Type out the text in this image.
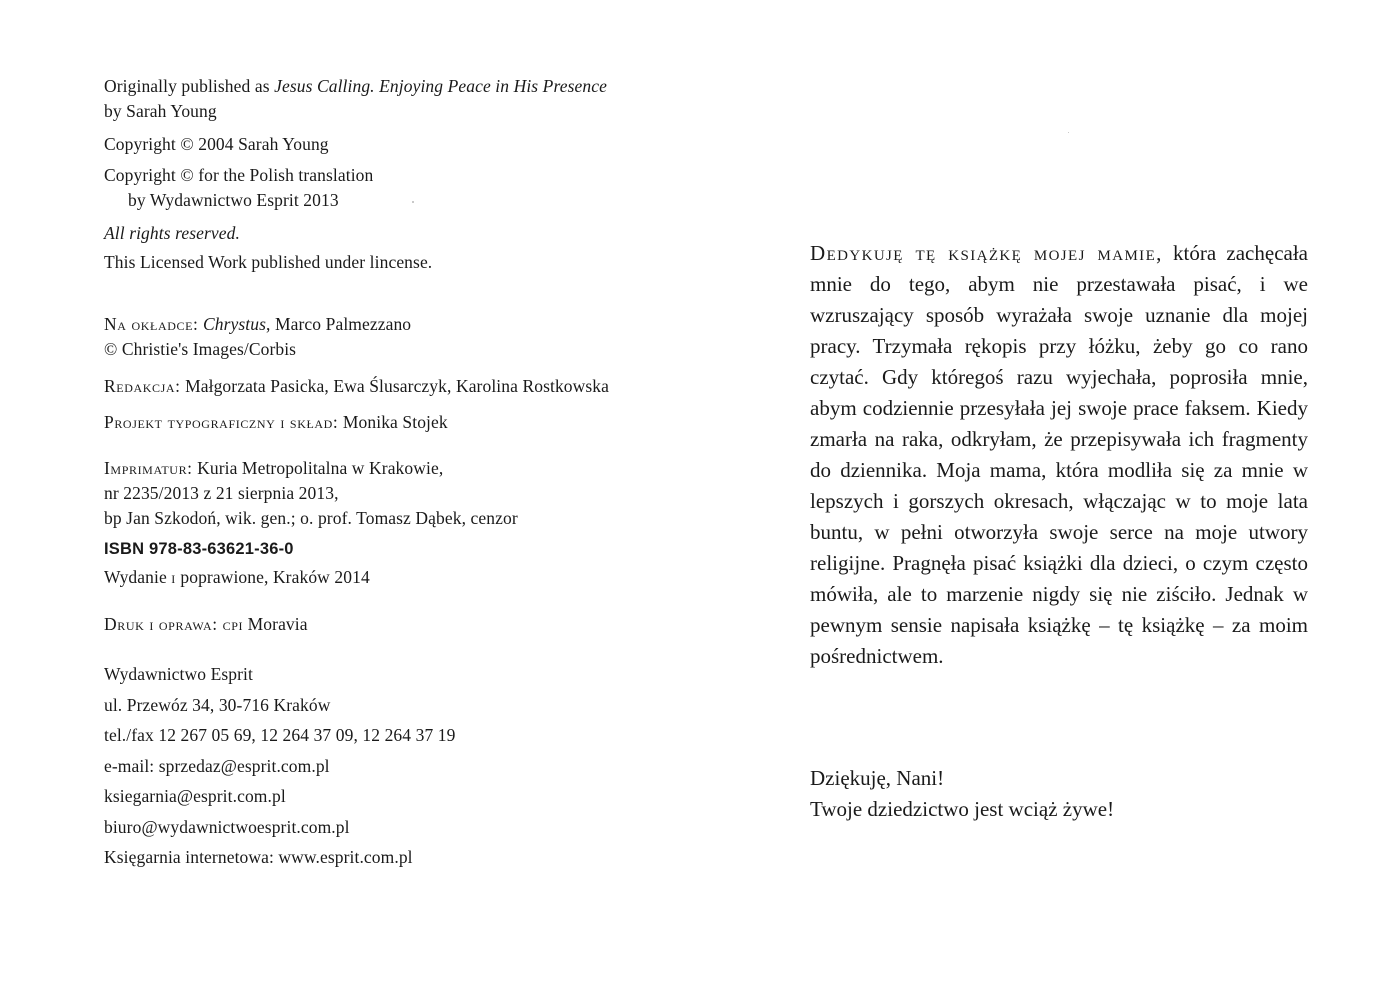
Originally published as Jesus Calling. Enjoying Peace in His Presence by Sarah Young

Copyright © 2004 Sarah Young

Copyright © for the Polish translation

by Wydawnictwo Esprit 2013

All rights reserved.

This Licensed Work published under lincense.

Na okładce: Chrystus, Marco Palmezzano

© Christie's Images/Corbis

Redakcja: Małgorzata Pasicka, Ewa Ślusarczyk, Karolina Rostkowska

Projekt typograficzny i skład: Monika Stojek

Imprimatur: Kuria Metropolitalna w Krakowie,

nr 2235/2013 z 21 sierpnia 2013,

bp Jan Szkodoń, wik. gen.; o. prof. Tomasz Dąbek, cenzor

ISBN 978-83-63621-36-0

Wydanie i poprawione, Kraków 2014

Druk i oprawa: cpi Moravia

Wydawnictwo Esprit

ul. Przewóz 34, 30-716 Kraków

tel./fax 12 267 05 69, 12 264 37 09, 12 264 37 19

e-mail: sprzedaz@esprit.com.pl

ksiegarnia@esprit.com.pl

biuro@wydawnictwoesprit.com.pl

Księgarnia internetowa: www.esprit.com.pl

Dedykuję tę książkę mojej mamie, która zachęcała mnie do tego, abym nie przestawała pisać, i we wzruszający sposób wyrażała swoje uznanie dla mojej pracy. Trzymała rękopis przy łóżku, żeby go co rano czytać. Gdy któregoś razu wyjechała, poprosiła mnie, abym codziennie przesyłała jej swoje prace faksem. Kiedy zmarła na raka, odkryłam, że przepisywała ich fragmenty do dziennika. Moja mama, która modliła się za mnie w lepszych i gorszych okresach, włączając w to moje lata buntu, w pełni otworzyła swoje serce na moje utwory religijne. Pragnęła pisać książki dla dzieci, o czym często mówiła, ale to marzenie nigdy się nie ziściło. Jednak w pewnym sensie napisała książkę – tę książkę – za moim pośrednictwem.

Dziękuję, Nani!
Twoje dziedzictwo jest wciąż żywe!
